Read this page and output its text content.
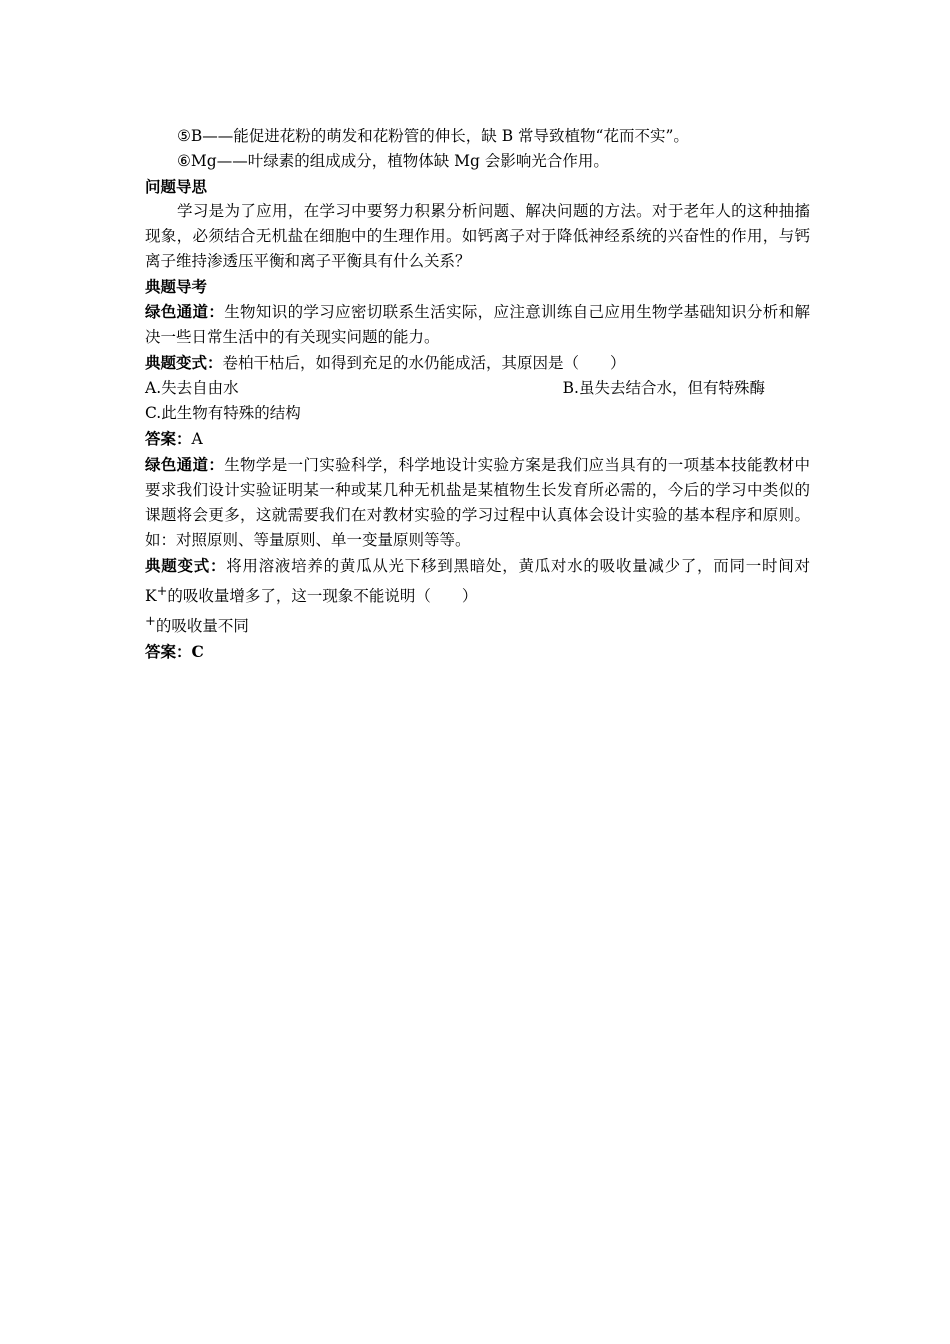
⑤B——能促进花粉的萌发和花粉管的伸长，缺 B 常导致植物“花而不实”。

⑥Mg——叶绿素的组成成分，植物体缺 Mg 会影响光合作用。

问题导思

学习是为了应用，在学习中要努力积累分析问题、解决问题的方法。对于老年人的这种抽搐现象，必须结合无机盐在细胞中的生理作用。如钙离子对于降低神经系统的兴奋性的作用，与钙离子维持渗透压平衡和离子平衡具有什么关系？

典题导考

绿色通道：生物知识的学习应密切联系生活实际，应注意训练自己应用生物学基础知识分析和解决一些日常生活中的有关现实问题的能力。

典题变式：卷柏干枯后，如得到充足的水仍能成活，其原因是（　　）

A.失去自由水	B.虽失去结合水，但有特殊酶

C.此生物有特殊的结构

答案：A

绿色通道：生物学是一门实验科学，科学地设计实验方案是我们应当具有的一项基本技能教材中要求我们设计实验证明某一种或某几种无机盐是某植物生长发育所必需的，今后的学习中类似的课题将会更多，这就需要我们在对教材实验的学习过程中认真体会设计实验的基本程序和原则。如：对照原则、等量原则、单一变量原则等等。

典题变式：将用溶液培养的黄瓜从光下移到黑暗处，黄瓜对水的吸收量减少了，而同一时间对 K+的吸收量增多了，这一现象不能说明（　　）

+的吸收量不同

答案：C
